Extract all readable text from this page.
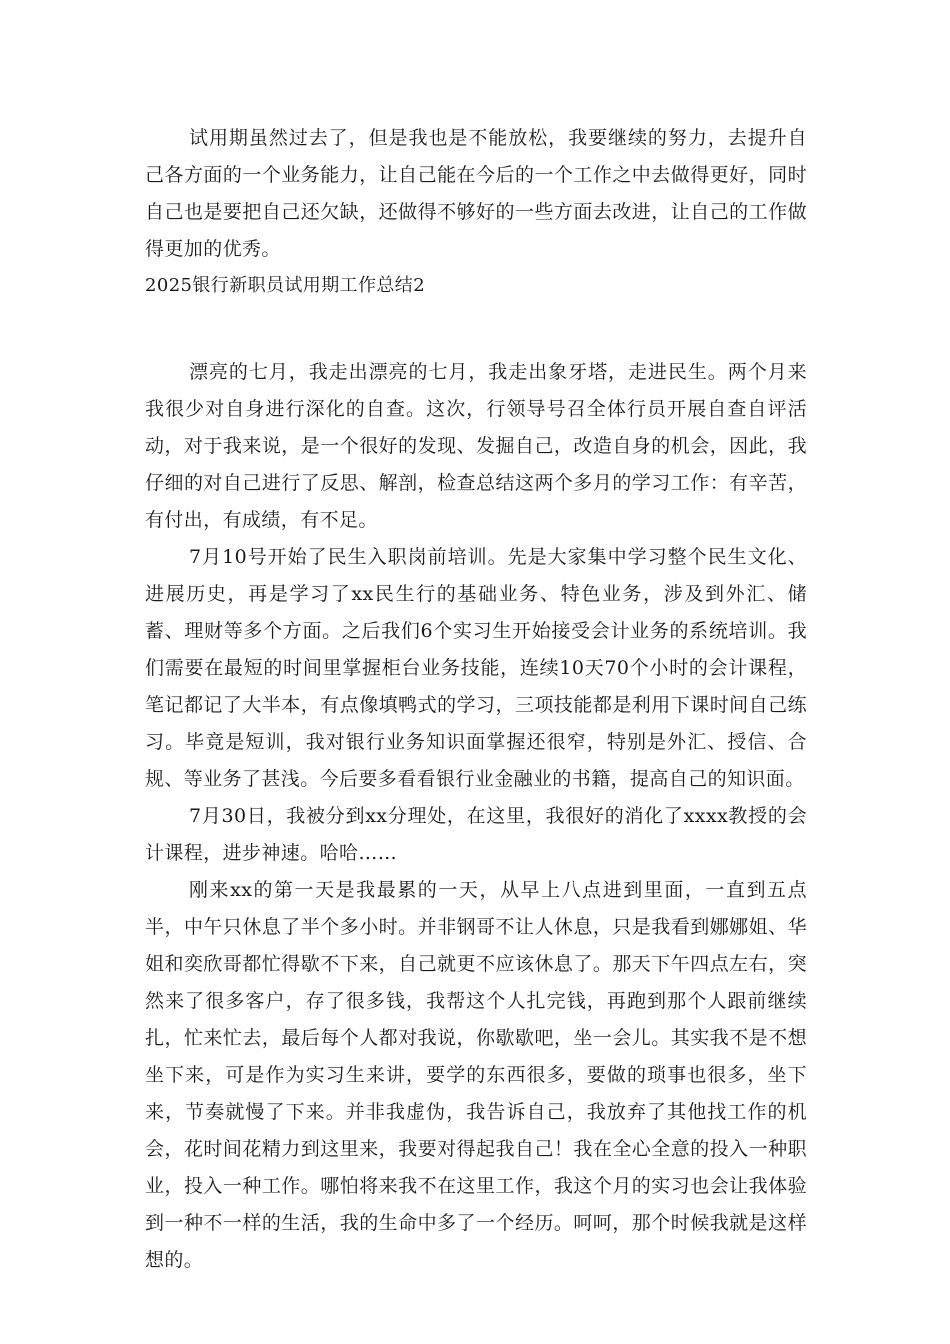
试用期虽然过去了，但是我也是不能放松，我要继续的努力，去提升自己各方面的一个业务能力，让自己能在今后的一个工作之中去做得更好，同时自己也是要把自己还欠缺，还做得不够好的一些方面去改进，让自己的工作做得更加的优秀。

2025银行新职员试用期工作总结2

漂亮的七月，我走出漂亮的七月，我走出象牙塔，走进民生。两个月来我很少对自身进行深化的自查。这次，行领导号召全体行员开展自查自评活动，对于我来说，是一个很好的发现、发掘自己，改造自身的机会，因此，我仔细的对自己进行了反思、解剖，检查总结这两个多月的学习工作：有辛苦，有付出，有成绩，有不足。

7月10号开始了民生入职岗前培训。先是大家集中学习整个民生文化、进展历史，再是学习了xx民生行的基础业务、特色业务，涉及到外汇、储蓄、理财等多个方面。之后我们6个实习生开始接受会计业务的系统培训。我们需要在最短的时间里掌握柜台业务技能，连续10天70个小时的会计课程，笔记都记了大半本，有点像填鸭式的学习，三项技能都是利用下课时间自己练习。毕竟是短训，我对银行业务知识面掌握还很窄，特别是外汇、授信、合规、等业务了甚浅。今后要多看看银行业金融业的书籍，提高自己的知识面。

7月30日，我被分到xx分理处，在这里，我很好的消化了xxxx教授的会计课程，进步神速。哈哈……

刚来xx的第一天是我最累的一天，从早上八点进到里面，一直到五点半，中午只休息了半个多小时。并非钢哥不让人休息，只是我看到娜娜姐、华姐和奕欣哥都忙得歇不下来，自己就更不应该休息了。那天下午四点左右，突然来了很多客户，存了很多钱，我帮这个人扎完钱，再跑到那个人跟前继续扎，忙来忙去，最后每个人都对我说，你歇歇吧，坐一会儿。其实我不是不想坐下来，可是作为实习生来讲，要学的东西很多，要做的琐事也很多，坐下来，节奏就慢了下来。并非我虚伪，我告诉自己，我放弃了其他找工作的机会，花时间花精力到这里来，我要对得起我自己！我在全心全意的投入一种职业，投入一种工作。哪怕将来我不在这里工作，我这个月的实习也会让我体验到一种不一样的生活，我的生命中多了一个经历。呵呵，那个时候我就是这样想的。
